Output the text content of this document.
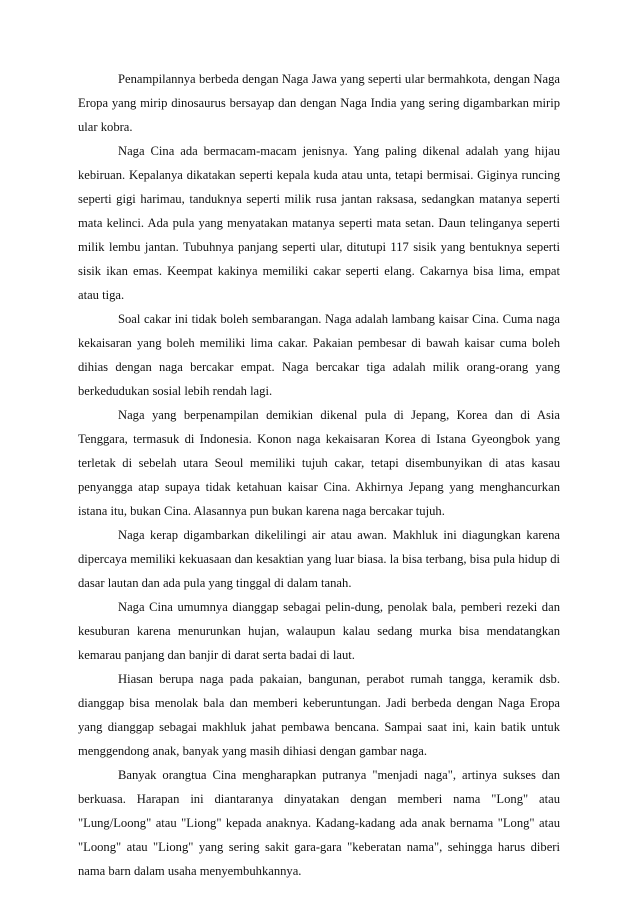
Penampilannya berbeda dengan Naga Jawa yang seperti ular bermahkota, dengan Naga Eropa yang mirip dinosaurus bersayap dan dengan Naga India yang sering digambarkan mirip ular kobra.

Naga Cina ada bermacam-macam jenisnya. Yang paling dikenal adalah yang hijau kebiruan. Kepalanya dikatakan seperti kepala kuda atau unta, tetapi bermisai. Giginya runcing seperti gigi harimau, tanduknya seperti milik rusa jantan raksasa, sedangkan matanya seperti mata kelinci. Ada pula yang menyatakan matanya seperti mata setan. Daun telinganya seperti milik lembu jantan. Tubuhnya panjang seperti ular, ditutupi 117 sisik yang bentuknya seperti sisik ikan emas. Keempat kakinya memiliki cakar seperti elang. Cakarnya bisa lima, empat atau tiga.

Soal cakar ini tidak boleh sembarangan. Naga adalah lambang kaisar Cina. Cuma naga kekaisaran yang boleh memiliki lima cakar. Pakaian pembesar di bawah kaisar cuma boleh dihias dengan naga bercakar empat. Naga bercakar tiga adalah milik orang-orang yang berkedudukan sosial lebih rendah lagi.

Naga yang berpenampilan demikian dikenal pula di Jepang, Korea dan di Asia Tenggara, termasuk di Indonesia. Konon naga kekaisaran Korea di Istana Gyeongbok yang terletak di sebelah utara Seoul memiliki tujuh cakar, tetapi disembunyikan di atas kasau penyangga atap supaya tidak ketahuan kaisar Cina. Akhirnya Jepang yang menghancurkan istana itu, bukan Cina. Alasannya pun bukan karena naga bercakar tujuh.

Naga kerap digambarkan dikelilingi air atau awan. Makhluk ini diagungkan karena dipercaya memiliki kekuasaan dan kesaktian yang luar biasa. la bisa terbang, bisa pula hidup di dasar lautan dan ada pula yang tinggal di dalam tanah.

Naga Cina umumnya dianggap sebagai pelin-dung, penolak bala, pemberi rezeki dan kesuburan karena menurunkan hujan, walaupun kalau sedang murka bisa mendatangkan kemarau panjang dan banjir di darat serta badai di laut.

Hiasan berupa naga pada pakaian, bangunan, perabot rumah tangga, keramik dsb. dianggap bisa menolak bala dan memberi keberuntungan. Jadi berbeda dengan Naga Eropa yang dianggap sebagai makhluk jahat pembawa bencana. Sampai saat ini, kain batik untuk menggendong anak, banyak yang masih dihiasi dengan gambar naga.

Banyak orangtua Cina mengharapkan putranya "menjadi naga", artinya sukses dan berkuasa. Harapan ini diantaranya dinyatakan dengan memberi nama "Long" atau "Lung/Loong" atau "Liong" kepada anaknya. Kadang-kadang ada anak bernama "Long" atau "Loong" atau "Liong" yang sering sakit gara-gara "keberatan nama", sehingga harus diberi nama barn dalam usaha menyembuhkannya.
